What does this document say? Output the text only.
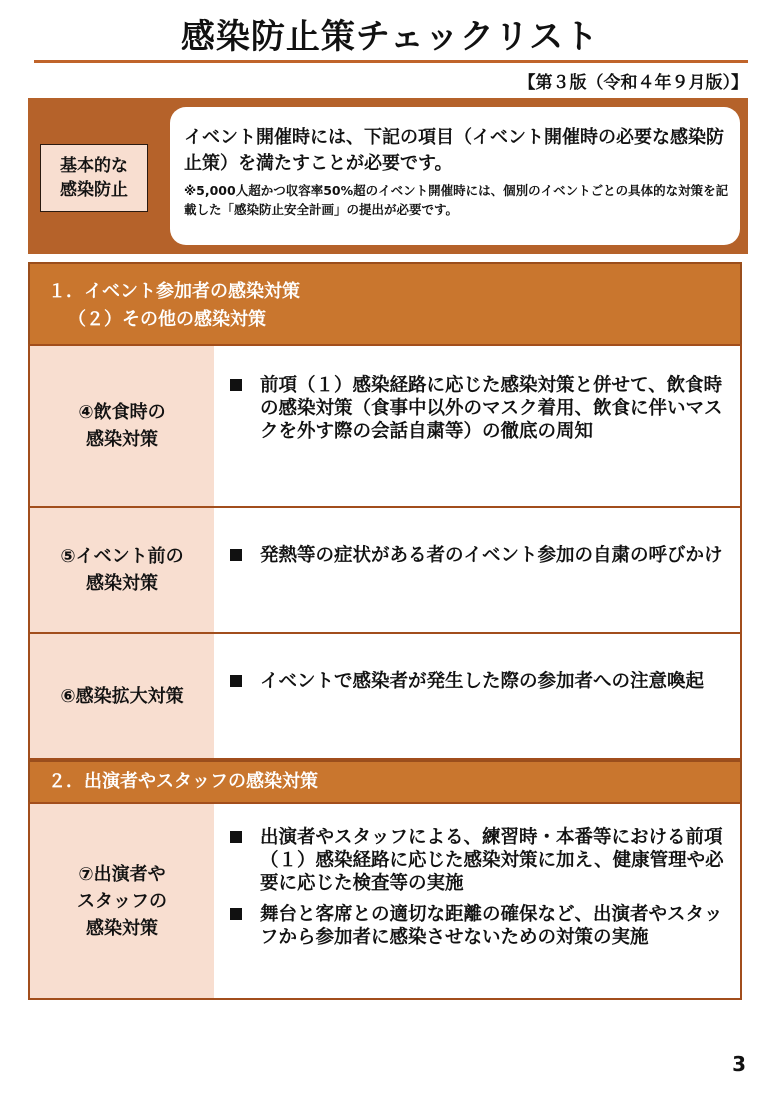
感染防止策チェックリスト
【第３版（令和４年９月版）】
基本的な
感染防止
イベント開催時には、下記の項目（イベント開催時の必要な感染防止策）を満たすことが必要です。
※5,000人超かつ収容率50%超のイベント開催時には、個別のイベントごとの具体的な対策を記載した「感染防止安全計画」の提出が必要です。
１．イベント参加者の感染対策
（２）その他の感染対策
④飲食時の
感染対策
前項（１）感染経路に応じた感染対策と併せて、飲食時の感染対策（食事中以外のマスク着用、飲食に伴いマスクを外す際の会話自粛等）の徹底の周知
⑤イベント前の
感染対策
発熱等の症状がある者のイベント参加の自粛の呼びかけ
⑥感染拡大対策
イベントで感染者が発生した際の参加者への注意喚起
２．出演者やスタッフの感染対策
⑦出演者や
スタッフの
感染対策
出演者やスタッフによる、練習時・本番等における前項（１）感染経路に応じた感染対策に加え、健康管理や必要に応じた検査等の実施
舞台と客席との適切な距離の確保など、出演者やスタッフから参加者に感染させないための対策の実施
3
